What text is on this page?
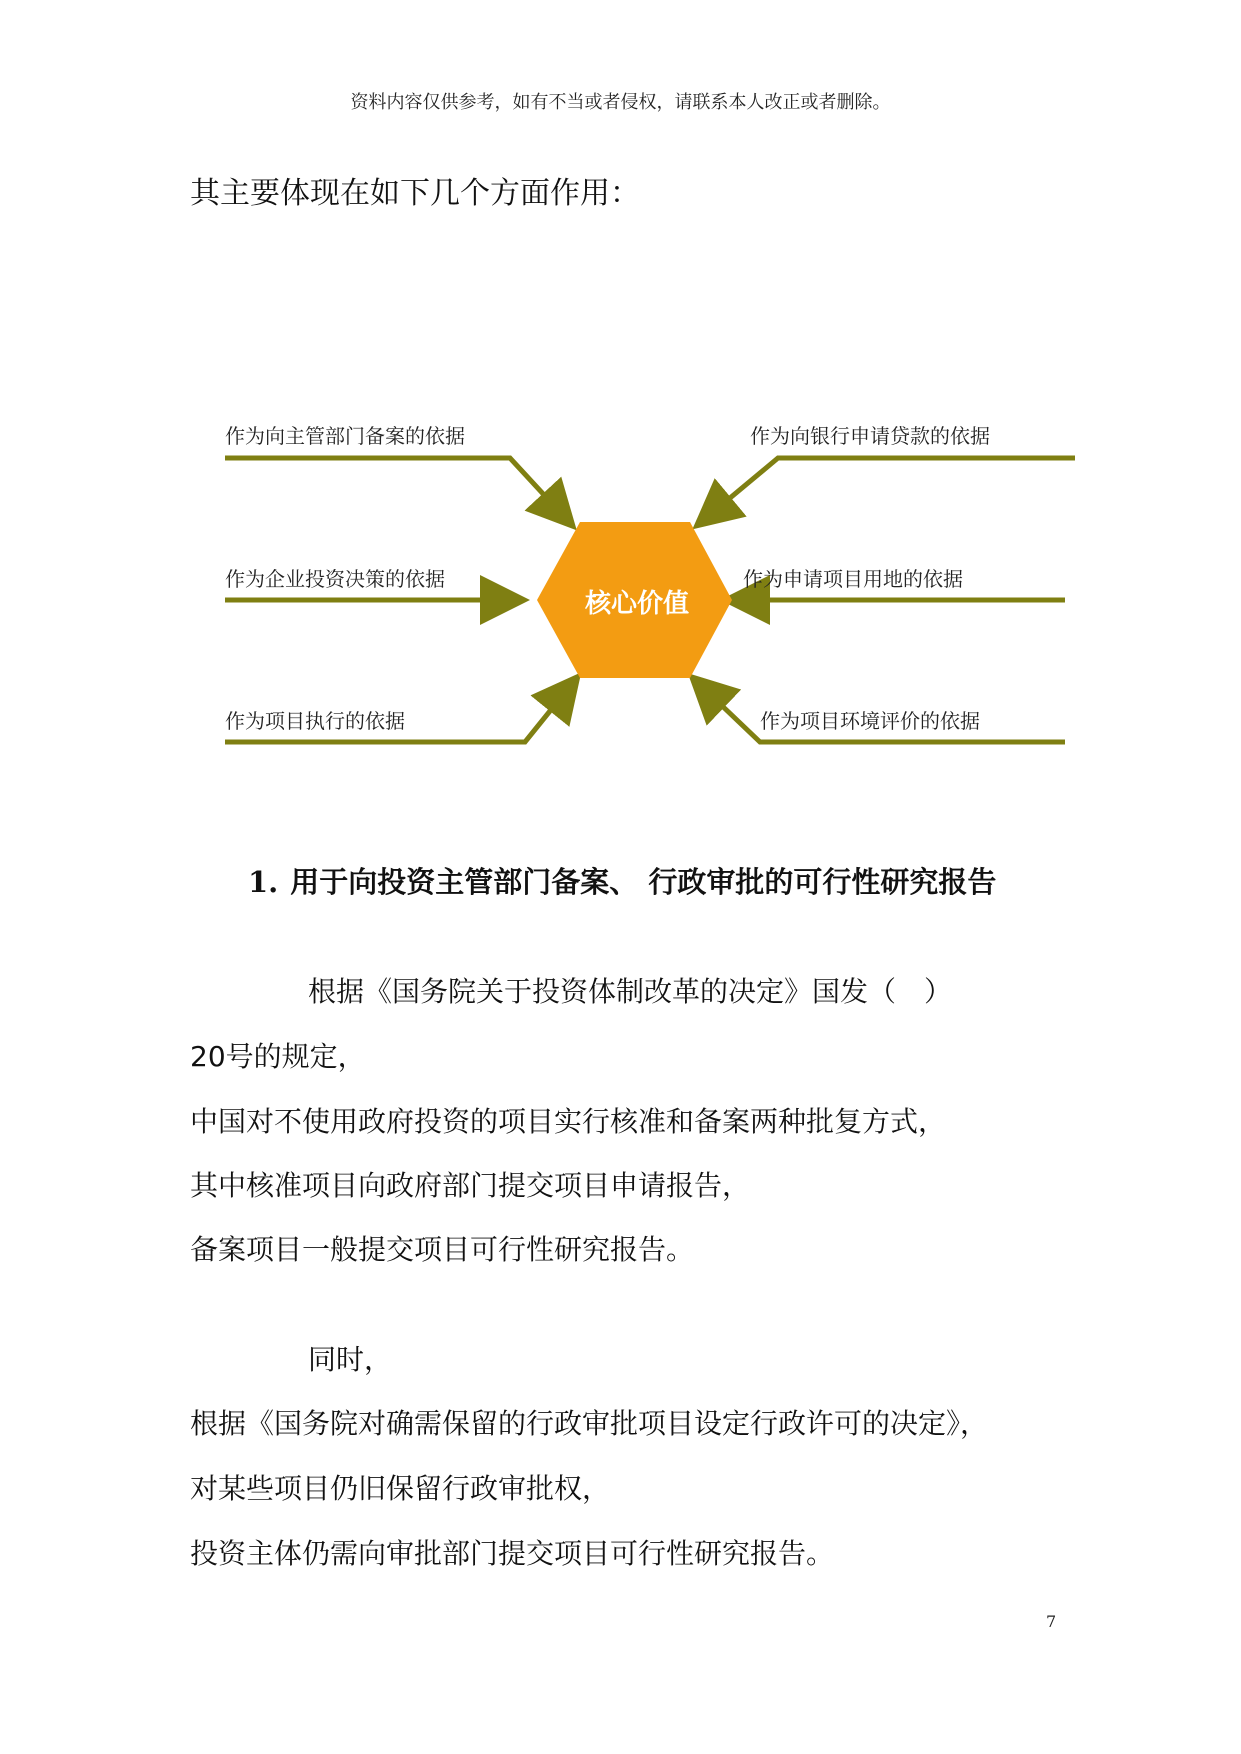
资料内容仅供参考，如有不当或者侵权，请联系本人改正或者删除。
其主要体现在如下几个方面作用：
作为向主管部门备案的依据
作为企业投资决策的依据
作为项目执行的依据
作为向银行申请贷款的依据
作为申请项目用地的依据
作为项目环境评价的依据
核心价值
1. 用于向投资主管部门备案、 行政审批的可行性研究报告
根据《国务院关于投资体制改革的决定》国发（　）
20号的规定，
中国对不使用政府投资的项目实行核准和备案两种批复方式，
其中核准项目向政府部门提交项目申请报告，
备案项目一般提交项目可行性研究报告。
同时，
根据《国务院对确需保留的行政审批项目设定行政许可的决定》，
对某些项目仍旧保留行政审批权，
投资主体仍需向审批部门提交项目可行性研究报告。
7
